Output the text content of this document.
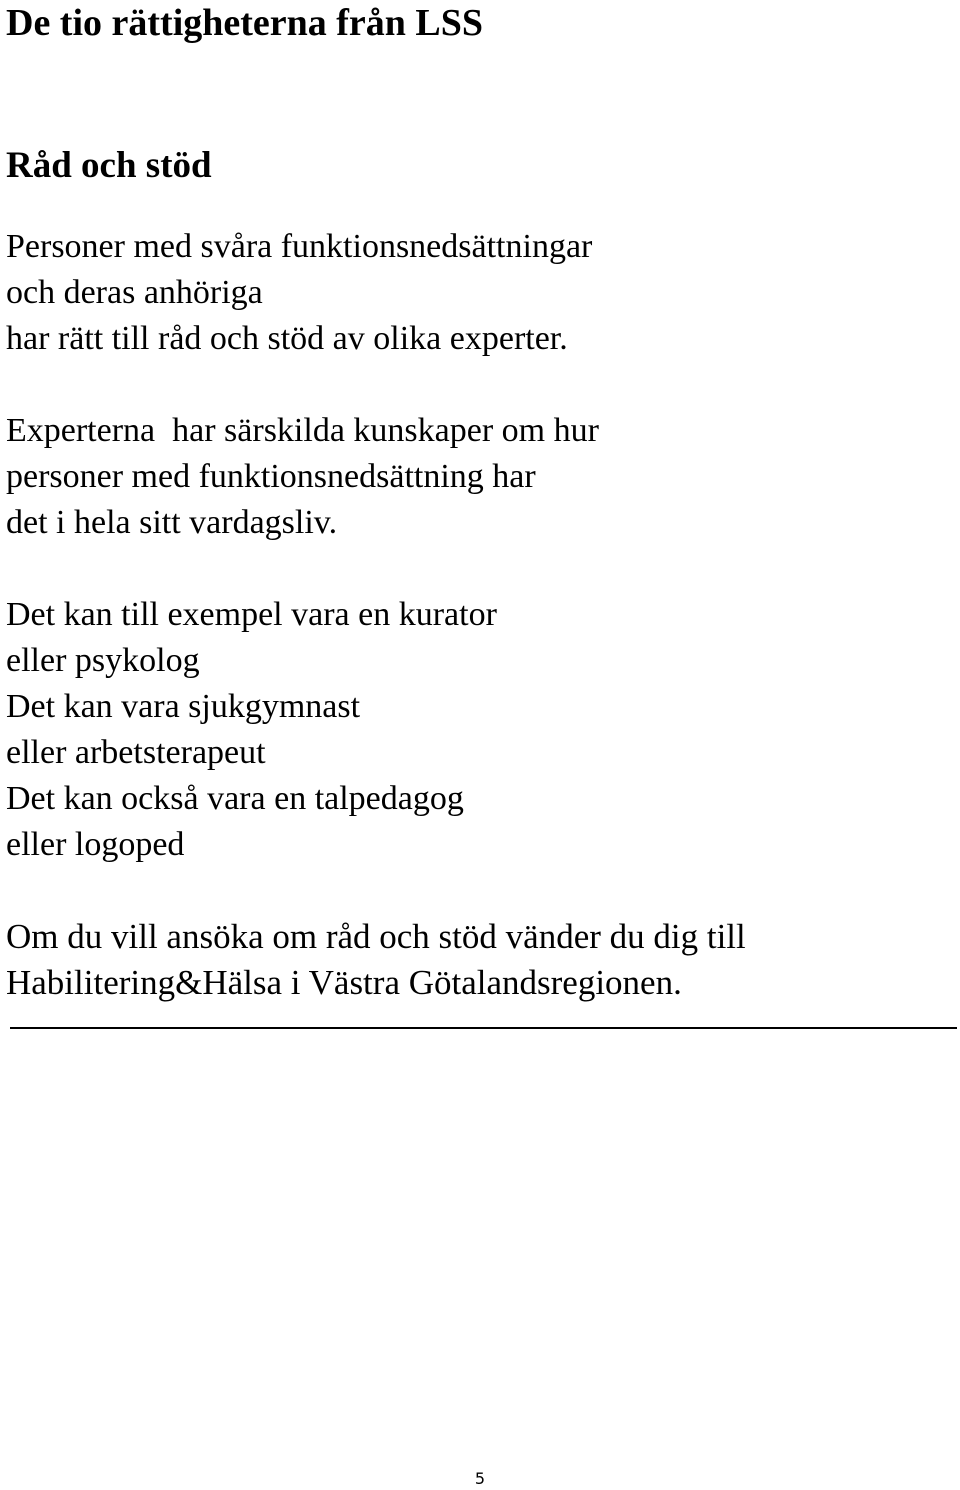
De tio rättigheterna från LSS
Råd och stöd

Personer med svåra funktionsnedsättningar
och deras anhöriga
har rätt till råd och stöd av olika experter.

Experterna  har särskilda kunskaper om hur
personer med funktionsnedsättning har
det i hela sitt vardagsliv.

Det kan till exempel vara en kurator
eller psykolog
Det kan vara sjukgymnast
eller arbetsterapeut
Det kan också vara en talpedagog
eller logoped

Om du vill ansöka om råd och stöd vänder du dig till
Habilitering&Hälsa i Västra Götalandsregionen.

5
